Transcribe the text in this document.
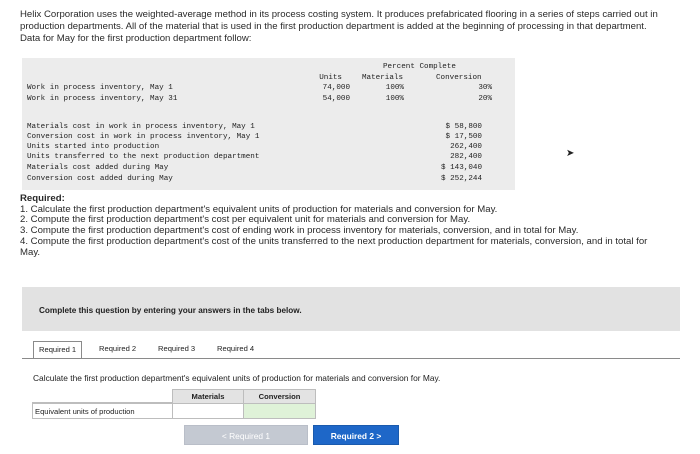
Helix Corporation uses the weighted-average method in its process costing system. It produces prefabricated flooring in a series of steps carried out in production departments. All of the material that is used in the first production department is added at the beginning of processing in that department. Data for May for the first production department follow:
Percent Complete
Units	Materials	Conversion
Work in process inventory, May 1	74,000	100%	30%
Work in process inventory, May 31	54,000	100%	20%
Materials cost in work in process inventory, May 1	$ 58,800
Conversion cost in work in process inventory, May 1	$ 17,500
Units started into production	262,400
Units transferred to the next production department	282,400
Materials cost added during May	$ 143,040
Conversion cost added during May	$ 252,244
➤
Required:
1. Calculate the first production department's equivalent units of production for materials and conversion for May.
2. Compute the first production department's cost per equivalent unit for materials and conversion for May.
3. Compute the first production department's cost of ending work in process inventory for materials, conversion, and in total for May.
4. Compute the first production department's cost of the units transferred to the next production department for materials, conversion, and in total for May.
Complete this question by entering your answers in the tabs below.
Required 1	Required 2	Required 3	Required 4
Calculate the first production department's equivalent units of production for materials and conversion for May.
Materials	Conversion
Equivalent units of production
< Required 1	Required 2 >
